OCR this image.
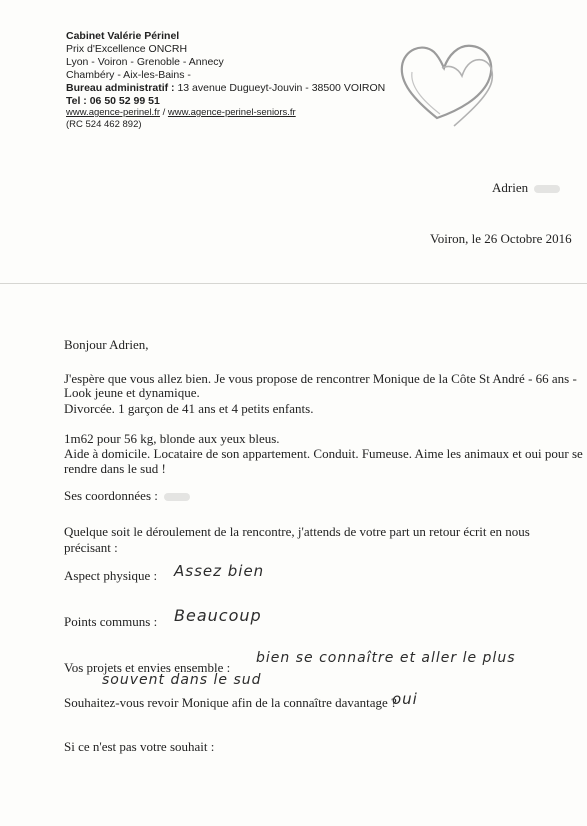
Cabinet Valérie Périnel
Prix d'Excellence ONCRH
Lyon - Voiron - Grenoble - Annecy
Chambéry - Aix-les-Bains -
Bureau administratif : 13 avenue Dugueyt-Jouvin - 38500 VOIRON
Tel : 06 50 52 99 51
www.agence-perinel.fr / www.agence-perinel-seniors.fr
(RC 524 462 892)
Adrien
Voiron, le 26 Octobre 2016
Bonjour Adrien,
J'espère que vous allez bien. Je vous propose de rencontrer Monique de la Côte St André - 66 ans -
Look jeune et dynamique.
Divorcée. 1 garçon de 41 ans et 4 petits enfants.
1m62 pour 56 kg, blonde aux yeux bleus.
Aide à domicile. Locataire de son appartement. Conduit. Fumeuse. Aime les animaux et oui pour se
rendre dans le sud !
Ses coordonnées :
Quelque soit le déroulement de la rencontre, j'attends de votre part un retour écrit en nous
précisant :
Aspect physique : Assez bien
Points communs : Beaucoup
Vos projets et envies ensemble :
bien se connaître et aller le plus
souvent dans le sud
Souhaitez-vous revoir Monique afin de la connaître davantage ?
oui
Si ce n'est pas votre souhait :
